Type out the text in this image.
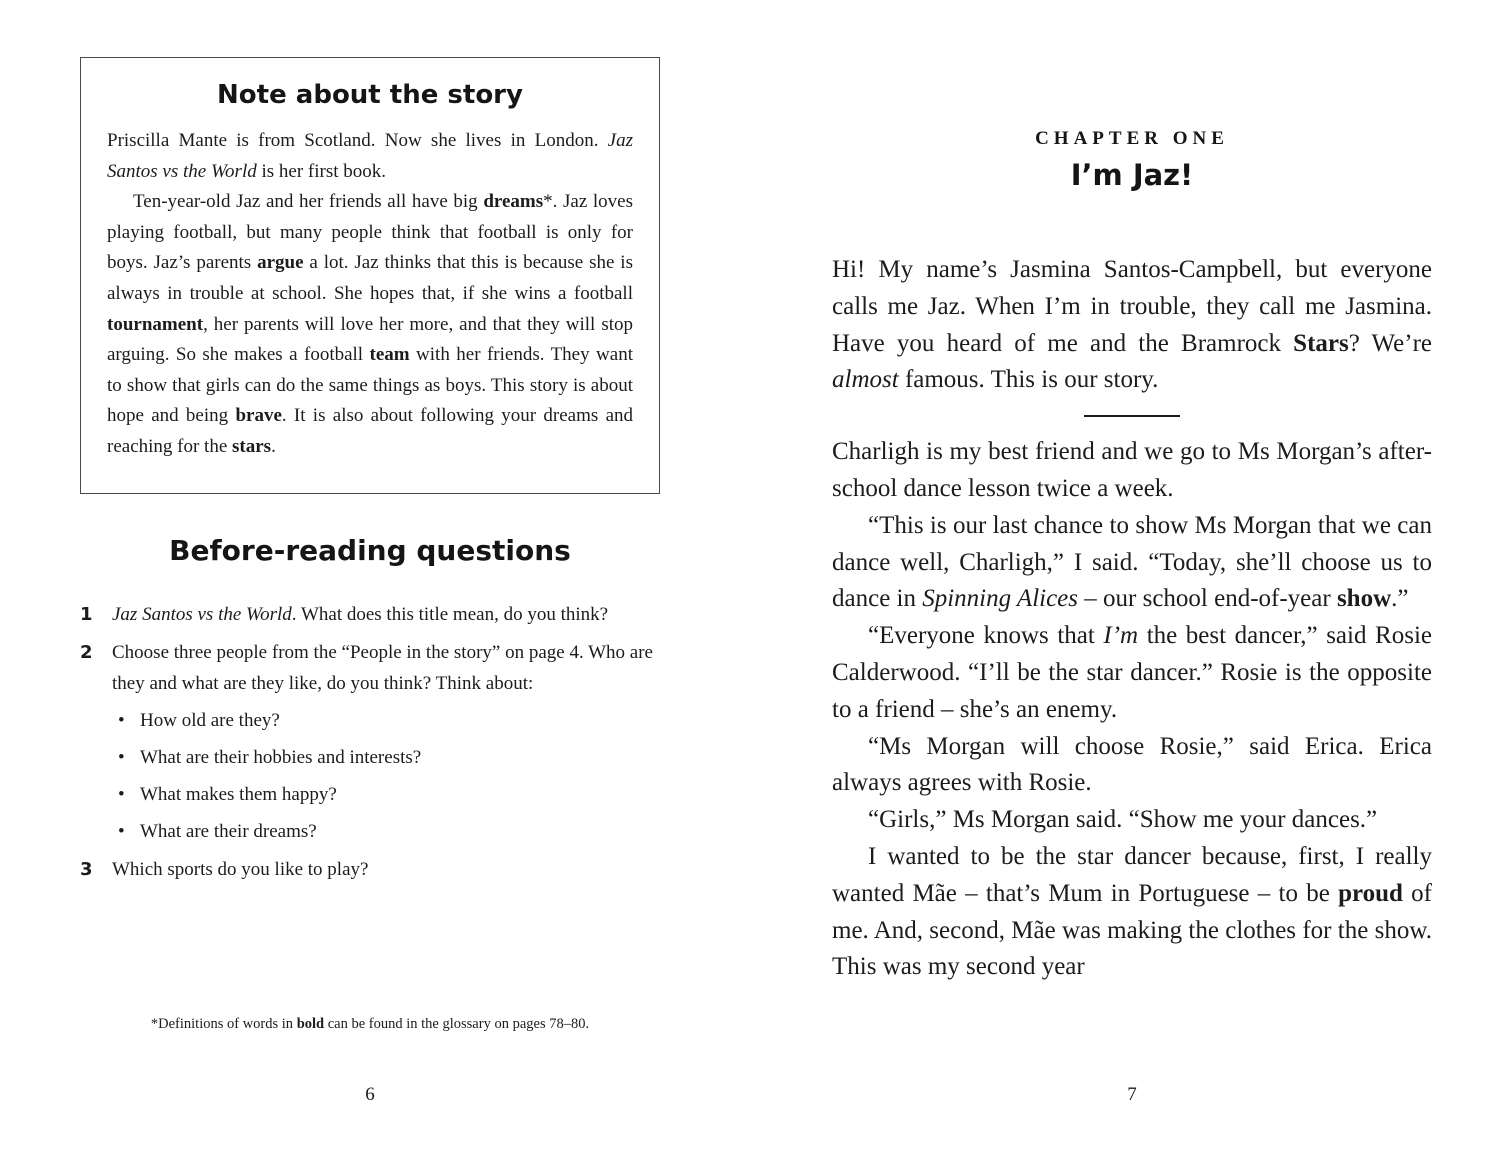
Note about the story

Priscilla Mante is from Scotland. Now she lives in London. Jaz Santos vs the World is her first book.

Ten-year-old Jaz and her friends all have big dreams*. Jaz loves playing football, but many people think that football is only for boys. Jaz’s parents argue a lot. Jaz thinks that this is because she is always in trouble at school. She hopes that, if she wins a football tournament, her parents will love her more, and that they will stop arguing. So she makes a football team with her friends. They want to show that girls can do the same things as boys. This story is about hope and being brave. It is also about following your dreams and reaching for the stars.

Before-reading questions
1	Jaz Santos vs the World. What does this title mean, do you think?
2	Choose three people from the “People in the story” on page 4. Who are they and what are they like, do you think? Think about:
• How old are they?
• What are their hobbies and interests?
• What makes them happy?
• What are their dreams?
3	Which sports do you like to play?

*Definitions of words in bold can be found in the glossary on pages 78–80.

6
CHAPTER ONE
I’m Jaz!

Hi! My name’s Jasmina Santos-Campbell, but everyone calls me Jaz. When I’m in trouble, they call me Jasmina. Have you heard of me and the Bramrock Stars? We’re almost famous. This is our story.

Charligh is my best friend and we go to Ms Morgan’s after-school dance lesson twice a week.

“This is our last chance to show Ms Morgan that we can dance well, Charligh,” I said. “Today, she’ll choose us to dance in Spinning Alices – our school end-of-year show.”

“Everyone knows that I’m the best dancer,” said Rosie Calderwood. “I’ll be the star dancer.” Rosie is the opposite to a friend – she’s an enemy.

“Ms Morgan will choose Rosie,” said Erica. Erica always agrees with Rosie.

“Girls,” Ms Morgan said. “Show me your dances.”

I wanted to be the star dancer because, first, I really wanted Mãe – that’s Mum in Portuguese – to be proud of me. And, second, Mãe was making the clothes for the show. This was my second year

7
